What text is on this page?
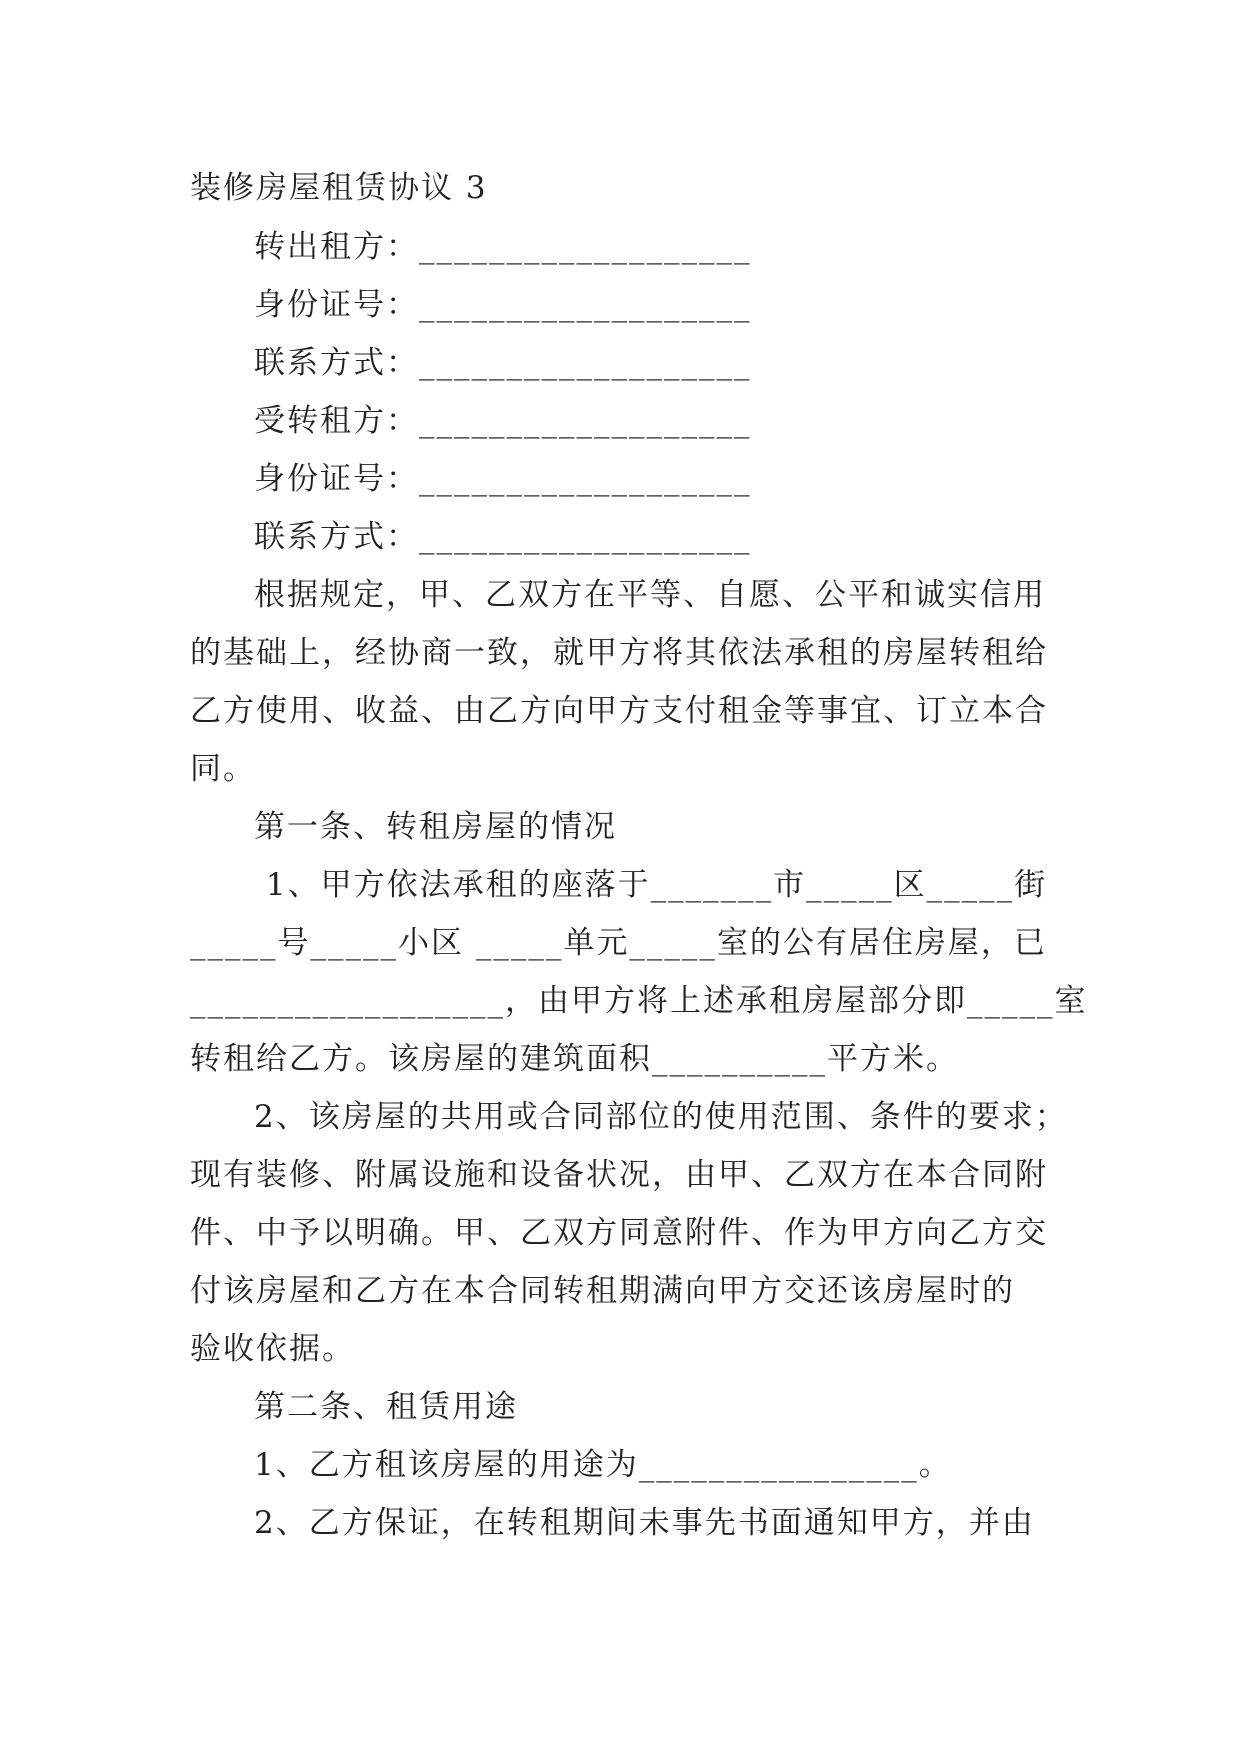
装修房屋租赁协议 3
转出租方：___________________
身份证号：___________________
联系方式：___________________
受转租方：___________________
身份证号：___________________
联系方式：___________________
根据规定，甲、乙双方在平等、自愿、公平和诚实信用
的基础上，经协商一致，就甲方将其依法承租的房屋转租给
乙方使用、收益、由乙方向甲方支付租金等事宜、订立本合
同。
第一条、转租房屋的情况
1、甲方依法承租的座落于_______市_____区_____街
_____号_____小区 _____单元_____室的公有居住房屋，已
__________________，由甲方将上述承租房屋部分即_____室
转租给乙方。该房屋的建筑面积__________平方米。
2、该房屋的共用或合同部位的使用范围、条件的要求；
现有装修、附属设施和设备状况，由甲、乙双方在本合同附
件、中予以明确。甲、乙双方同意附件、作为甲方向乙方交
付该房屋和乙方在本合同转租期满向甲方交还该房屋时的
验收依据。
第二条、租赁用途
1、乙方租该房屋的用途为________________。
2、乙方保证，在转租期间未事先书面通知甲方，并由
